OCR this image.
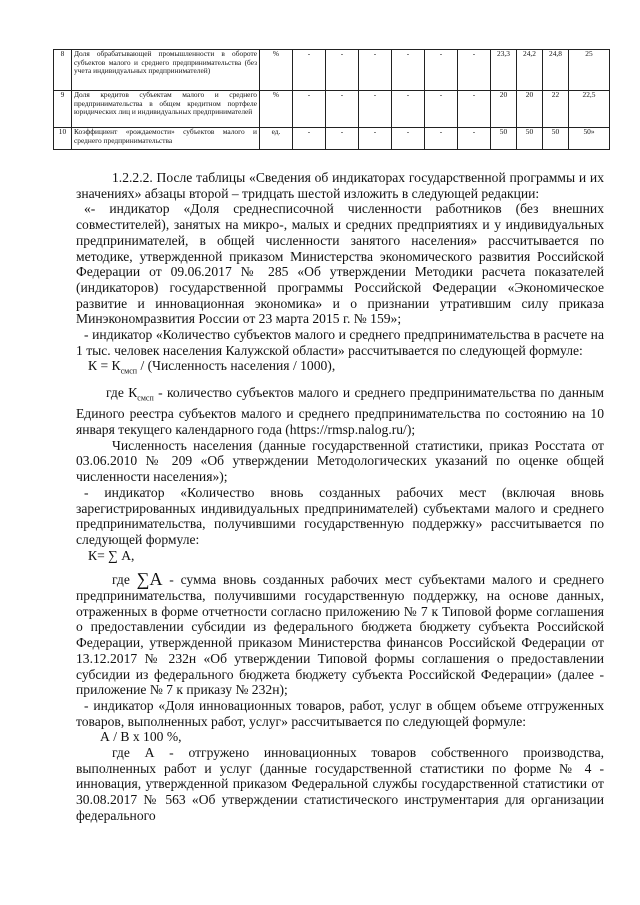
8	Доля обрабатывающей промышленности в обороте субъектов малого и среднего предпринимательства (без учета индивидуальных предпринимателей)	%	-	-	-	-	-	-	23,3	24,2	24,8	25
9	Доля кредитов субъектам малого и среднего предпринимательства в общем кредитном портфеле юридических лиц и индивидуальных предпринимателей	%	-	-	-	-	-	-	20	20	22	22,5
10	Коэффициент «рождаемости» субъектов малого и среднего предпринимательства	ед.	-	-	-	-	-	-	50	50	50	50»

1.2.2.2. После таблицы «Сведения об индикаторах государственной программы и их значениях» абзацы второй – тридцать шестой изложить в следующей редакции:

«- индикатор «Доля среднесписочной численности работников (без внешних совместителей), занятых на микро-, малых и средних предприятиях и у индивидуальных предпринимателей, в общей численности занятого населения» рассчитывается по методике, утвержденной приказом Министерства экономического развития Российской Федерации от 09.06.2017 № 285 «Об утверждении Методики расчета показателей (индикаторов) государственной программы Российской Федерации «Экономическое развитие и инновационная экономика» и о признании утратившим силу приказа Минэкономразвития России от 23 марта 2015 г. № 159»;

- индикатор «Количество субъектов малого и среднего предпринимательства в расчете на 1 тыс. человек населения Калужской области» рассчитывается по следующей формуле:

$К = К_{смсп}$ / (Численность населения / 1000),

где $К_{смсп}$ - количество субъектов малого и среднего предпринимательства по данным Единого реестра субъектов малого и среднего предпринимательства по состоянию на 10 января текущего календарного года (https://rmsp.nalog.ru/);

Численность населения (данные государственной статистики, приказ Росстата от 03.06.2010 № 209 «Об утверждении Методологических указаний по оценке общей численности населения»);

- индикатор «Количество вновь созданных рабочих мест (включая вновь зарегистрированных индивидуальных предпринимателей) субъектами малого и среднего предпринимательства, получившими государственную поддержку» рассчитывается по следующей формуле:

К= ∑ А,

где ∑А - сумма вновь созданных рабочих мест субъектами малого и среднего предпринимательства, получившими государственную поддержку, на основе данных, отраженных в форме отчетности согласно приложению № 7 к Типовой форме соглашения о предоставлении субсидии из федерального бюджета бюджету субъекта Российской Федерации, утвержденной приказом Министерства финансов Российской Федерации от 13.12.2017 № 232н «Об утверждении Типовой формы соглашения о предоставлении субсидии из федерального бюджета бюджету субъекта Российской Федерации» (далее - приложение № 7 к приказу № 232н);

- индикатор «Доля инновационных товаров, работ, услуг в общем объеме отгруженных товаров, выполненных работ, услуг» рассчитывается по следующей формуле:

А / В х 100 %,

где А - отгружено инновационных товаров собственного производства, выполненных работ и услуг (данные государственной статистики по форме № 4 - инновация, утвержденной приказом Федеральной службы государственной статистики от 30.08.2017 № 563 «Об утверждении статистического инструментария для организации федерального
